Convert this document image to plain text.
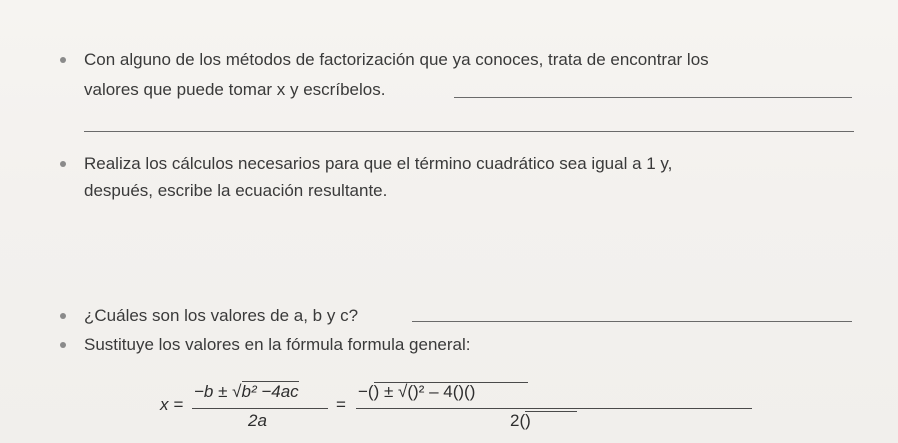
Con alguno de los métodos de factorización que ya conoces, trata de encontrar los
valores que puede tomar x y escríbelos.
Realiza los cálculos necesarios para que el término cuadrático sea igual a 1 y,
después, escribe la ecuación resultante.
¿Cuáles son los valores de a, b y c?
Sustituye los valores en la fórmula formula general:
x =
−b ± √b² −4ac
2a
=
−(
) ± √(
)² – 4(
)(
)
2(
)
